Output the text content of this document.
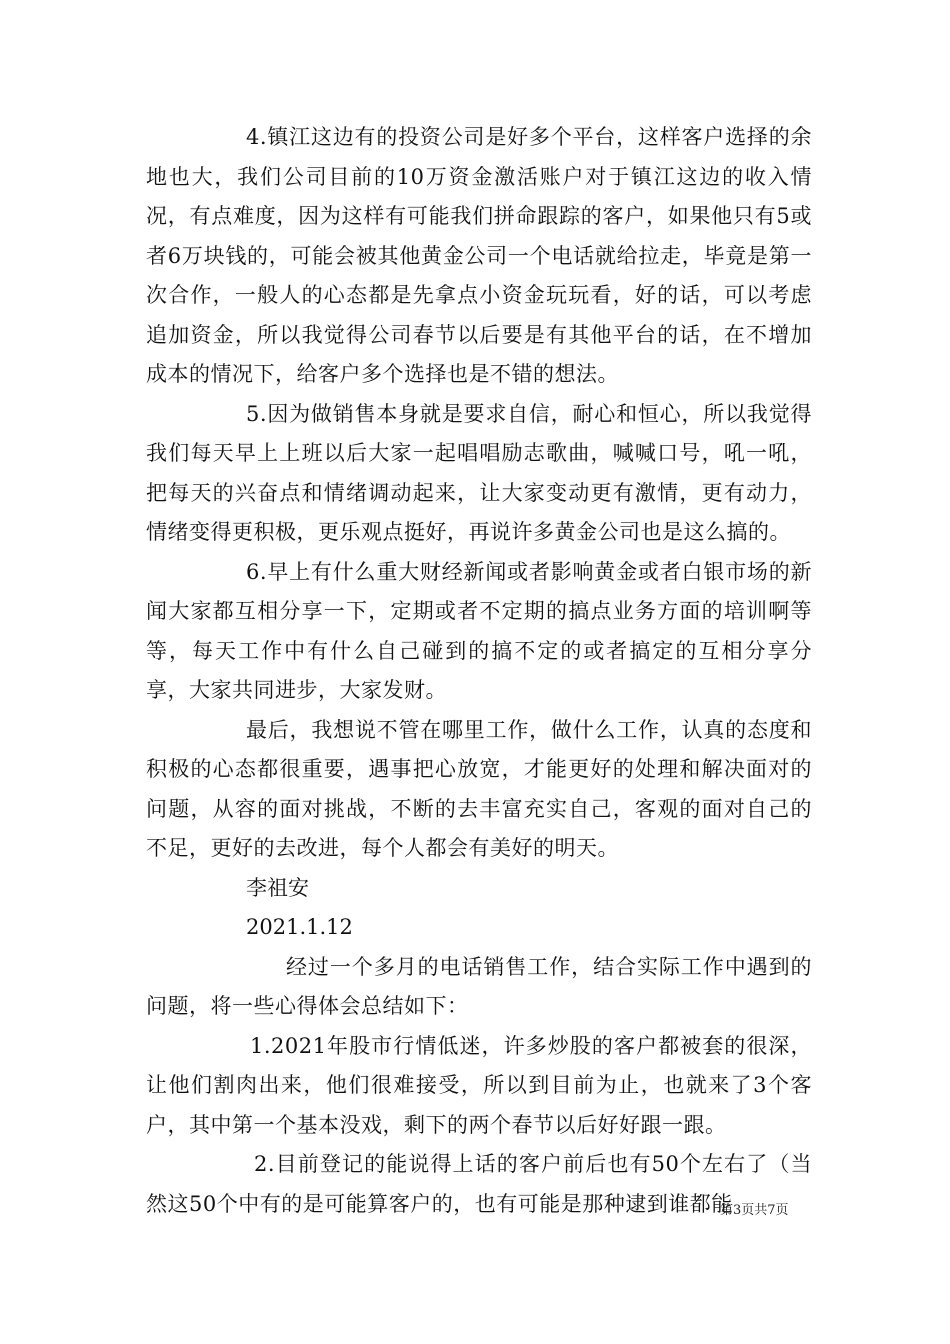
4.镇江这边有的投资公司是好多个平台，这样客户选择的余地也大，我们公司目前的10万资金激活账户对于镇江这边的收入情况，有点难度，因为这样有可能我们拼命跟踪的客户，如果他只有5或者6万块钱的，可能会被其他黄金公司一个电话就给拉走，毕竟是第一次合作，一般人的心态都是先拿点小资金玩玩看，好的话，可以考虑追加资金，所以我觉得公司春节以后要是有其他平台的话，在不增加成本的情况下，给客户多个选择也是不错的想法。

5.因为做销售本身就是要求自信，耐心和恒心，所以我觉得我们每天早上上班以后大家一起唱唱励志歌曲，喊喊口号，吼一吼，把每天的兴奋点和情绪调动起来，让大家变动更有激情，更有动力，情绪变得更积极，更乐观点挺好，再说许多黄金公司也是这么搞的。

6.早上有什么重大财经新闻或者影响黄金或者白银市场的新闻大家都互相分享一下，定期或者不定期的搞点业务方面的培训啊等等，每天工作中有什么自己碰到的搞不定的或者搞定的互相分享分享，大家共同进步，大家发财。

最后，我想说不管在哪里工作，做什么工作，认真的态度和积极的心态都很重要，遇事把心放宽，才能更好的处理和解决面对的问题，从容的面对挑战，不断的去丰富充实自己，客观的面对自己的不足，更好的去改进，每个人都会有美好的明天。

李祖安

2021.1.12

经过一个多月的电话销售工作，结合实际工作中遇到的问题，将一些心得体会总结如下：

1.2021年股市行情低迷，许多炒股的客户都被套的很深，让他们割肉出来，他们很难接受，所以到目前为止，也就来了3个客户，其中第一个基本没戏，剩下的两个春节以后好好跟一跟。

2.目前登记的能说得上话的客户前后也有50个左右了（当然这50个中有的是可能算客户的，也有可能是那种逮到谁都能

第3页共7页
